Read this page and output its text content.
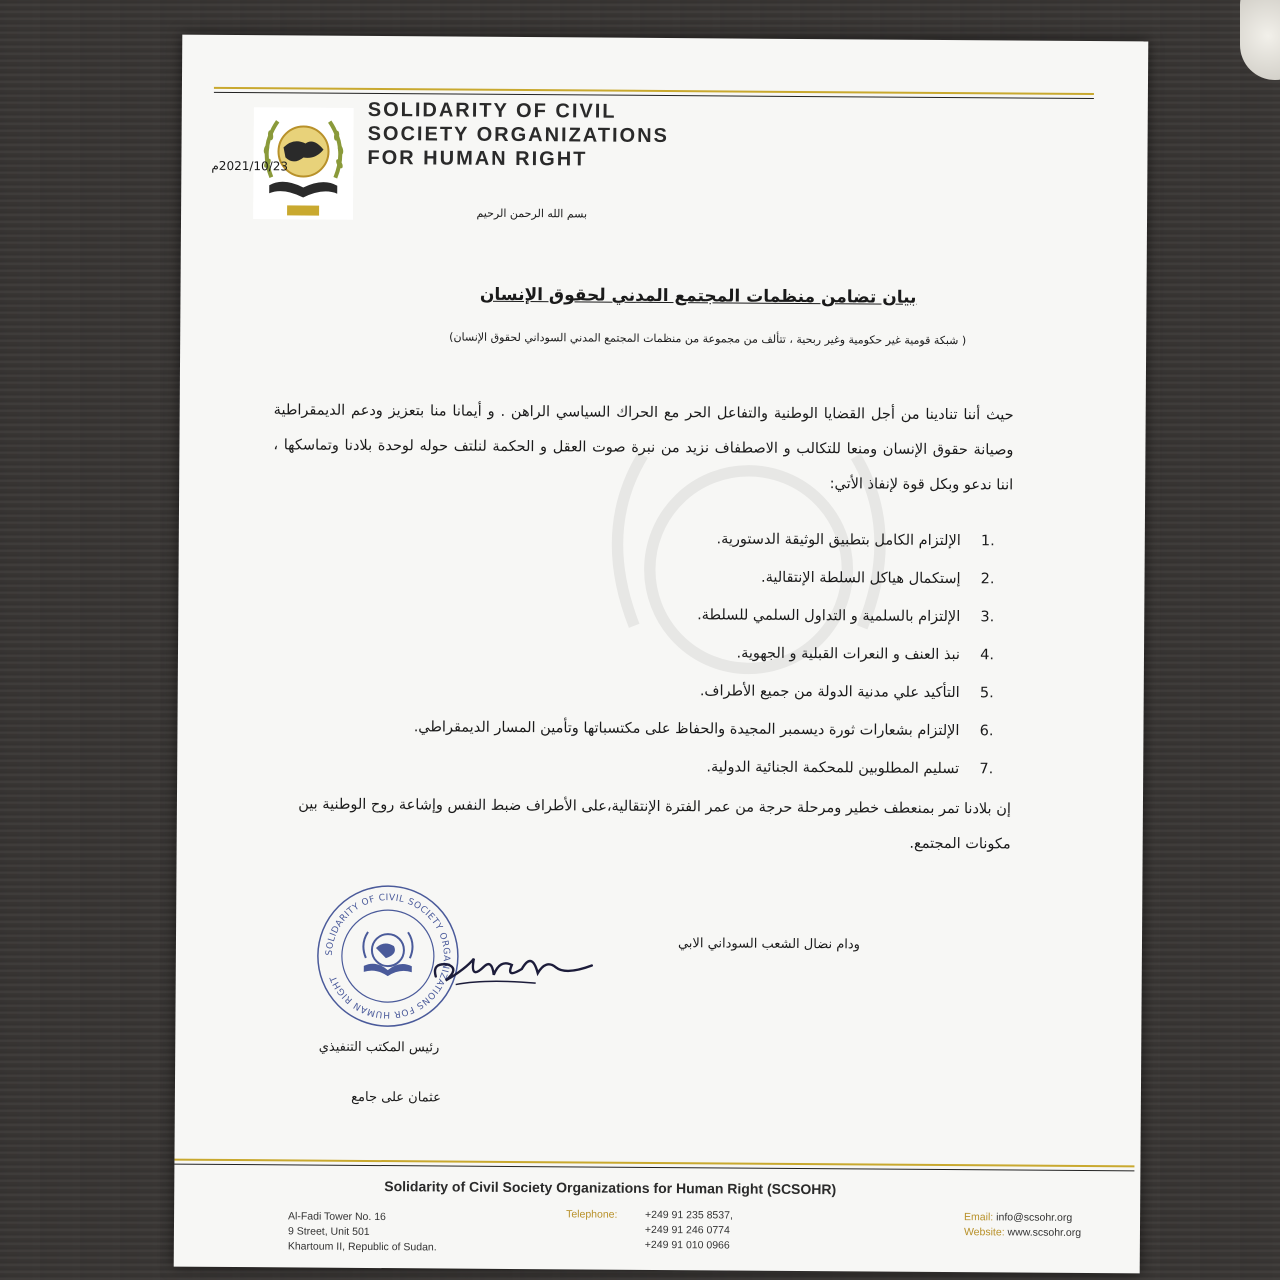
SOLIDARITY OF CIVIL
SOCIETY ORGANIZATIONS
FOR HUMAN RIGHT
2021/10/23م
بسم الله الرحمن الرحيم
بيان تضامن منظمات المجتمع المدني لحقوق الإنسان
( شبكة قومية غير حكومية وغير ربحية ، تتألف من مجموعة من منظمات المجتمع المدني السوداني لحقوق الإنسان)
حيث أننا تنادينا من أجل القضايا الوطنية والتفاعل الحر مع الحراك السياسي الراهن . و أيمانا منا بتعزيز ودعم الديمقراطية وصيانة حقوق الإنسان ومنعا للتكالب و الاصطفاف نزيد من نبرة صوت العقل و الحكمة لنلتف حوله لوحدة بلادنا وتماسكها ، اننا ندعو وبكل قوة لإنفاذ الأتي:
.1
الإلتزام الكامل بتطبيق الوثيقة الدستورية.
.2
إستكمال هياكل السلطة الإنتقالية.
.3
الإلتزام بالسلمية و التداول السلمي للسلطة.
.4
نبذ العنف و النعرات القبلية و الجهوية.
.5
التأكيد علي مدنية الدولة من جميع الأطراف.
.6
الإلتزام بشعارات ثورة ديسمبر المجيدة والحفاظ على مكتسباتها وتأمين المسار الديمقراطي.
.7
تسليم المطلوبين للمحكمة الجنائية الدولية.
إن بلادنا تمر بمنعطف خطير ومرحلة حرجة من عمر الفترة الإنتقالية،على الأطراف ضبط النفس وإشاعة روح الوطنية بين مكونات المجتمع.
ودام نضال الشعب السوداني الابي
SOLIDARITY OF CIVIL SOCIETY ORGANIZATIONS FOR HUMAN RIGHT
رئيس المكتب التنفيذي
عثمان على جامع
Solidarity of Civil Society Organizations for Human Right (SCSOHR)
Al-Fadi Tower No. 16
9 Street, Unit 501
Khartoum II, Republic of Sudan.
Telephone:	+249 91 235 8537,
+249 91 246 0774
+249 91 010 0966
Email: info@scsohr.org
Website: www.scsohr.org
